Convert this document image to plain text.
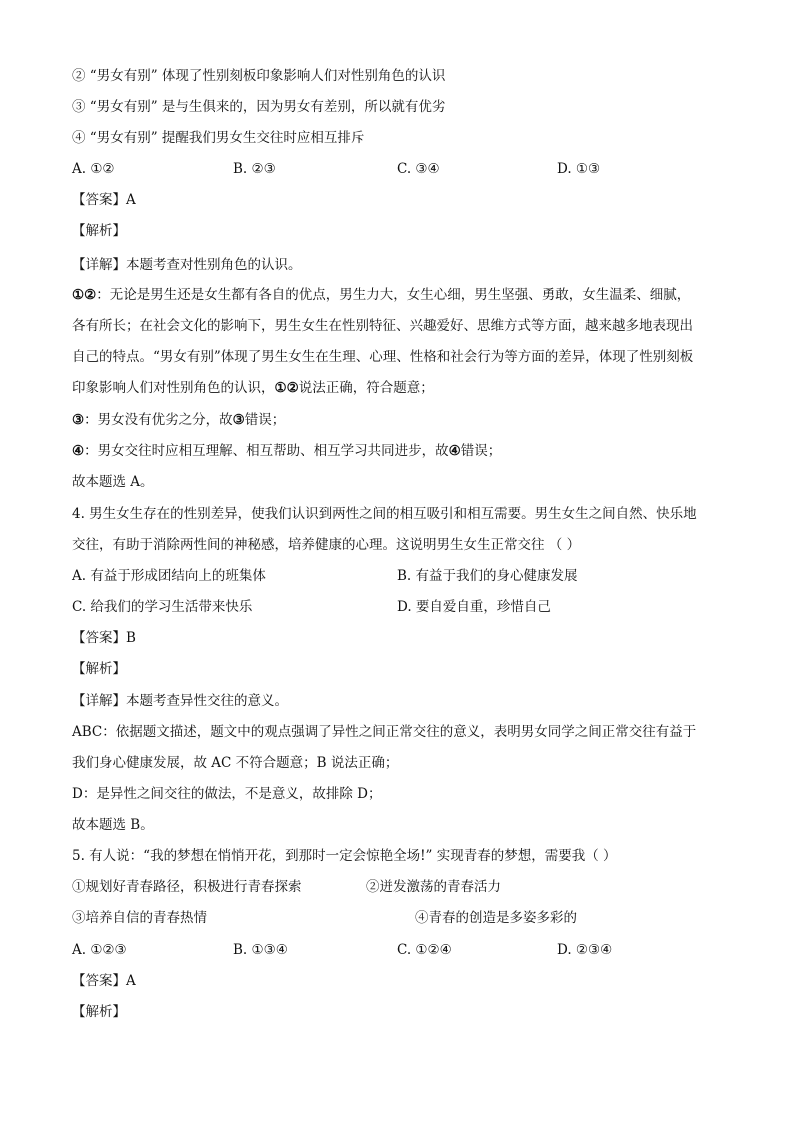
② “男女有别” 体现了性别刻板印象影响人们对性别角色的认识
③ “男女有别” 是与生俱来的，因为男女有差别，所以就有优劣
④ “男女有别” 提醒我们男女生交往时应相互排斥
A. ①②	B. ②③	C. ③④	D. ①③
【答案】A
【解析】
【详解】本题考查对性别角色的认识。
①②：无论是男生还是女生都有各自的优点，男生力大，女生心细，男生坚强、勇敢，女生温柔、细腻，
各有所长；在社会文化的影响下，男生女生在性别特征、兴趣爱好、思维方式等方面，越来越多地表现出
自己的特点。“男女有别”体现了男生女生在生理、心理、性格和社会行为等方面的差异，体现了性别刻板
印象影响人们对性别角色的认识，①②说法正确，符合题意；
③：男女没有优劣之分，故③错误；
④：男女交往时应相互理解、相互帮助、相互学习共同进步，故④错误；
故本题选 A。
4. 男生女生存在的性别差异，使我们认识到两性之间的相互吸引和相互需要。男生女生之间自然、快乐地
交往，有助于消除两性间的神秘感，培养健康的心理。这说明男生女生正常交往 （ ）
A. 有益于形成团结向上的班集体	B. 有益于我们的身心健康发展
C. 给我们的学习生活带来快乐	D. 要自爱自重，珍惜自己
【答案】B
【解析】
【详解】本题考查异性交往的意义。
ABC：依据题文描述，题文中的观点强调了异性之间正常交往的意义，表明男女同学之间正常交往有益于
我们身心健康发展，故 AC 不符合题意；B 说法正确；
D：是异性之间交往的做法，不是意义，故排除 D；
故本题选 B。
5. 有人说：“我的梦想在悄悄开花，到那时一定会惊艳全场!” 实现青春的梦想，需要我（ ）
①规划好青春路径，积极进行青春探索	②迸发激荡的青春活力
③培养自信的青春热情	④青春的创造是多姿多彩的
A. ①②③	B. ①③④	C. ①②④	D. ②③④
【答案】A
【解析】
